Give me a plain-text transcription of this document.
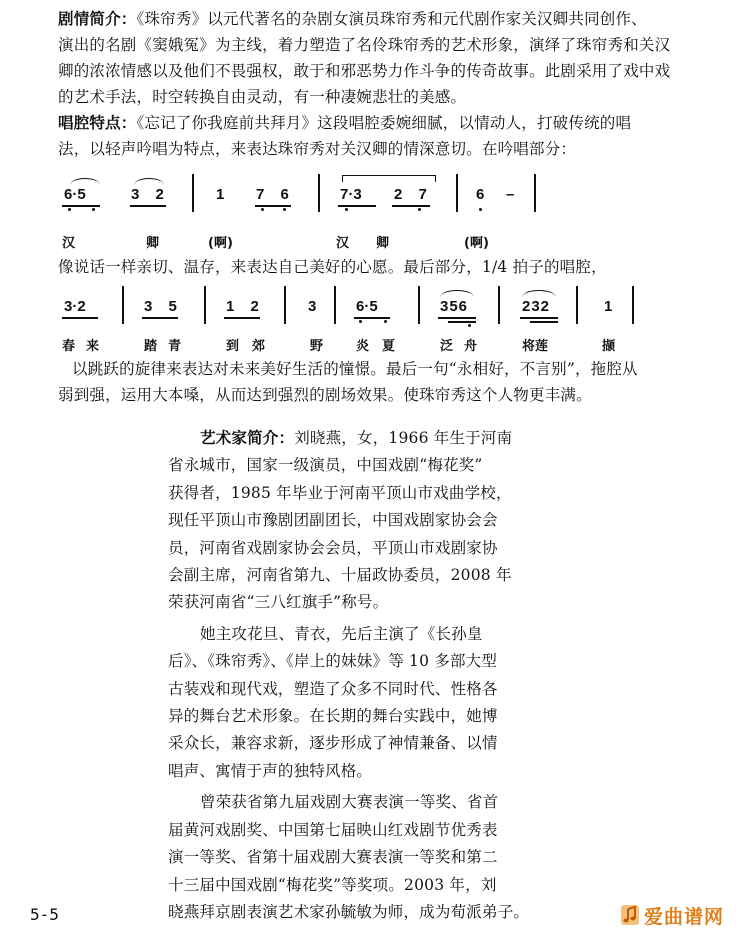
剧情简介：《珠帘秀》以元代著名的杂剧女演员珠帘秀和元代剧作家关汉卿共同创作、
演出的名剧《窦娥冤》为主线，着力塑造了名伶珠帘秀的艺术形象，演绎了珠帘秀和关汉
卿的浓浓情感以及他们不畏强权，敢于和邪恶势力作斗争的传奇故事。此剧采用了戏中戏
的艺术手法，时空转换自由灵动，有一种凄婉悲壮的美感。
唱腔特点：《忘记了你我庭前共拜月》这段唱腔委婉细腻，以情动人，打破传统的唱
法，以轻声吟唱为特点，来表达珠帘秀对关汉卿的情深意切。在吟唱部分：
6·5	3 2	1 7 6	7·3 2 7	6 –
汉	卿	(啊)	汉 卿	(啊)
像说话一样亲切、温存，来表达自己美好的心愿。最后部分，1/4 拍子的唱腔，
3·2	3 5	1 2	3	6·5	356	232	1
春 来	踏 青	到 郊	野	炎 夏	泛 舟	将莲	撷
以跳跃的旋律来表达对未来美好生活的憧憬。最后一句“永相好，不言别”，拖腔从
弱到强，运用大本嗓，从而达到强烈的剧场效果。使珠帘秀这个人物更丰满。
艺术家简介：刘晓燕，女，1966 年生于河南
省永城市，国家一级演员，中国戏剧“梅花奖”
获得者，1985 年毕业于河南平顶山市戏曲学校，
现任平顶山市豫剧团副团长，中国戏剧家协会会
员，河南省戏剧家协会会员，平顶山市戏剧家协
会副主席，河南省第九、十届政协委员，2008 年
荣获河南省“三八红旗手”称号。
她主攻花旦、青衣，先后主演了《长孙皇
后》、《珠帘秀》、《岸上的妹妹》等 10 多部大型
古装戏和现代戏，塑造了众多不同时代、性格各
异的舞台艺术形象。在长期的舞台实践中，她博
采众长，兼容求新，逐步形成了神情兼备、以情
唱声、寓情于声的独特风格。
曾荣获省第九届戏剧大赛表演一等奖、省首
届黄河戏剧奖、中国第七届映山红戏剧节优秀表
演一等奖、省第十届戏剧大赛表演一等奖和第二
十三届中国戏剧“梅花奖”等奖项。2003 年，刘
晓燕拜京剧表演艺术家孙毓敏为师，成为荀派弟子。
5-5	爱曲谱网
